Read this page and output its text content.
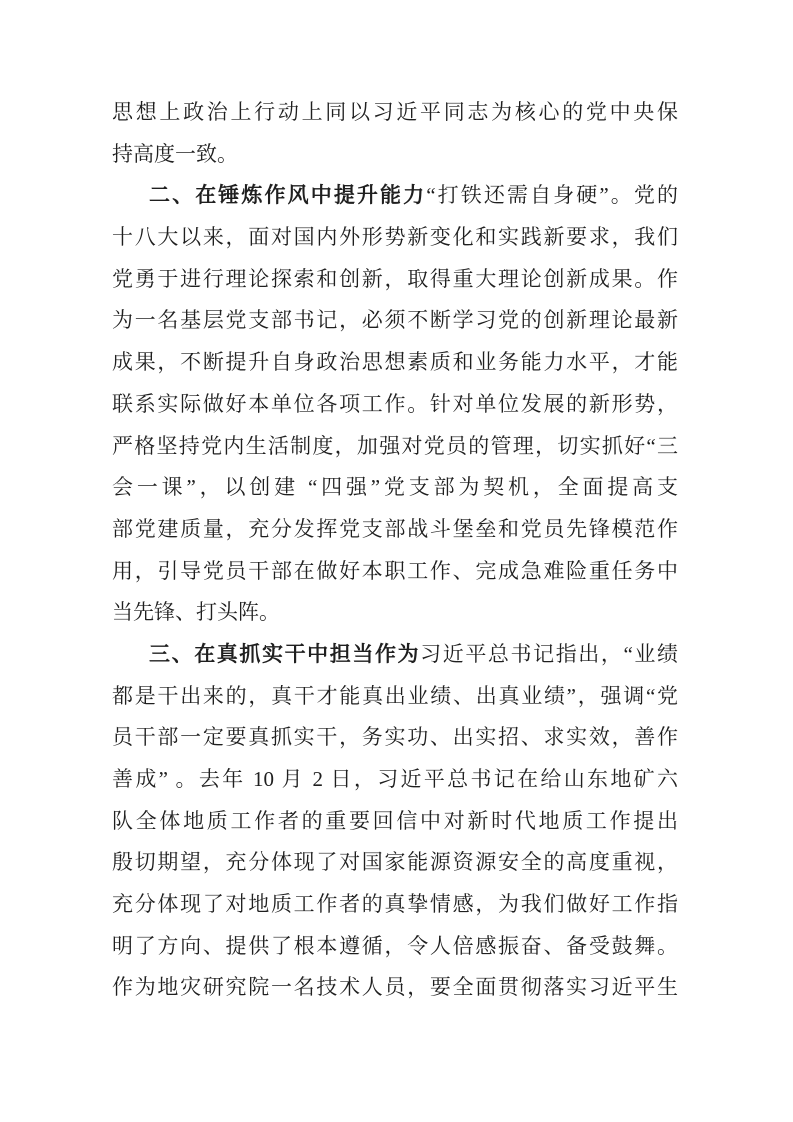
思想上政治上行动上同以习近平同志为核心的党中央保
持高度一致。
二、在锤炼作风中提升能力“打铁还需自身硬”。党的
十八大以来，面对国内外形势新变化和实践新要求，我们
党勇于进行理论探索和创新，取得重大理论创新成果。作
为一名基层党支部书记，必须不断学习党的创新理论最新
成果，不断提升自身政治思想素质和业务能力水平，才能
联系实际做好本单位各项工作。针对单位发展的新形势，
严格坚持党内生活制度，加强对党员的管理，切实抓好“三
会一课”，以创建 “四强”党支部为契机，全面提高支
部党建质量，充分发挥党支部战斗堡垒和党员先锋模范作
用，引导党员干部在做好本职工作、完成急难险重任务中
当先锋、打头阵。
三、在真抓实干中担当作为习近平总书记指出，“业绩
都是干出来的，真干才能真出业绩、出真业绩”，强调“党
员干部一定要真抓实干，务实功、出实招、求实效，善作
善成” 。去年 10 月 2 日，习近平总书记在给山东地矿六
队全体地质工作者的重要回信中对新时代地质工作提出
殷切期望，充分体现了对国家能源资源安全的高度重视，
充分体现了对地质工作者的真挚情感，为我们做好工作指
明了方向、提供了根本遵循，令人倍感振奋、备受鼓舞。
作为地灾研究院一名技术人员，要全面贯彻落实习近平生
